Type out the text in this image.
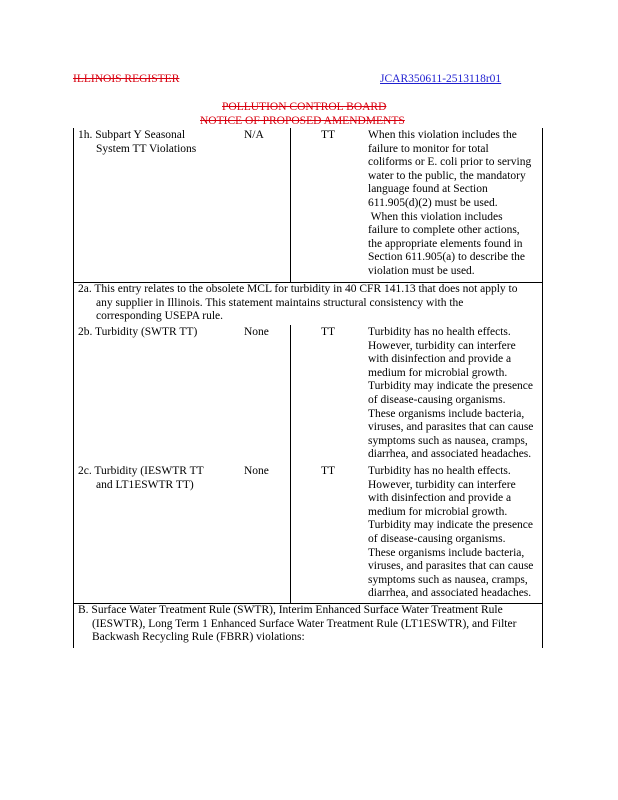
ILLINOIS REGISTER	JCAR350611-2513118r01
POLLUTION CONTROL BOARD
NOTICE OF PROPOSED AMENDMENTS
1h. Subpart Y Seasonal
System TT Violations
N/A	TT	When this violation includes the
failure to monitor for total
coliforms or E. coli prior to serving
water to the public, the mandatory
language found at Section
611.905(d)(2) must be used.
When this violation includes
failure to complete other actions,
the appropriate elements found in
Section 611.905(a) to describe the
violation must be used.
2a. This entry relates to the obsolete MCL for turbidity in 40 CFR 141.13 that does not apply to
any supplier in Illinois. This statement maintains structural consistency with the
corresponding USEPA rule.
2b. Turbidity (SWTR TT)	None	TT	Turbidity has no health effects.
However, turbidity can interfere
with disinfection and provide a
medium for microbial growth.
Turbidity may indicate the presence
of disease-causing organisms.
These organisms include bacteria,
viruses, and parasites that can cause
symptoms such as nausea, cramps,
diarrhea, and associated headaches.
2c. Turbidity (IESWTR TT
and LT1ESWTR TT)
None	TT	Turbidity has no health effects.
However, turbidity can interfere
with disinfection and provide a
medium for microbial growth.
Turbidity may indicate the presence
of disease-causing organisms.
These organisms include bacteria,
viruses, and parasites that can cause
symptoms such as nausea, cramps,
diarrhea, and associated headaches.
B. Surface Water Treatment Rule (SWTR), Interim Enhanced Surface Water Treatment Rule
(IESWTR), Long Term 1 Enhanced Surface Water Treatment Rule (LT1ESWTR), and Filter
Backwash Recycling Rule (FBRR) violations:
